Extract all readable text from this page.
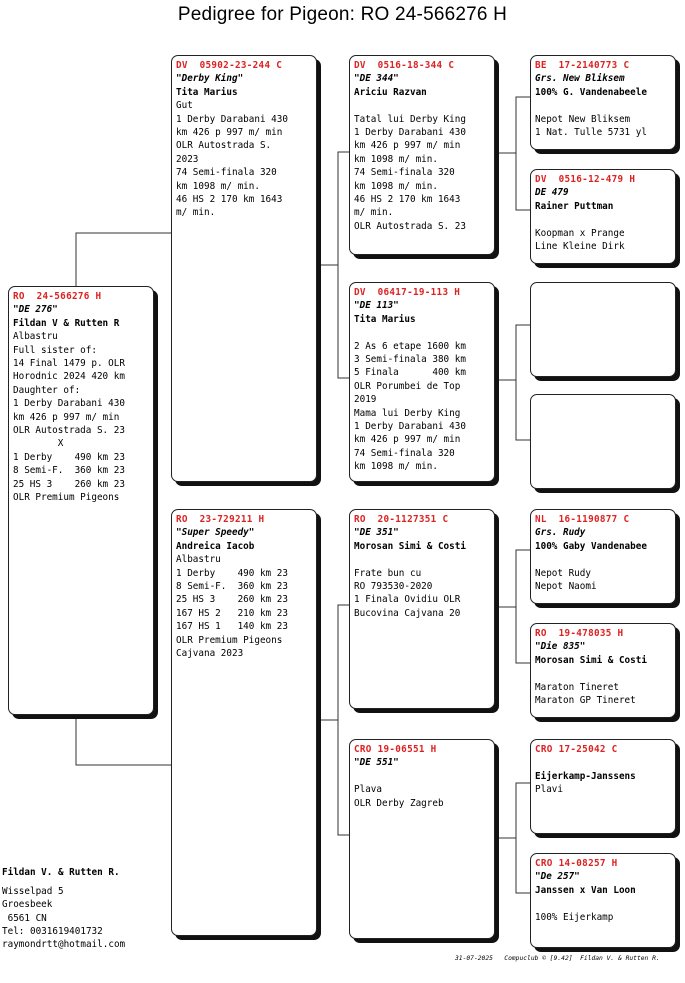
Pedigree for Pigeon: RO 24-566276 H
RO  24-566276 H
"DE 276"
Fildan V & Rutten R
Albastru
Full sister of:
14 Final 1479 p. OLR
Horodnic 2024 420 km
Daughter of:
1 Derby Darabani 430
km 426 p 997 m/ min
OLR Autostrada S. 23
X
1 Derby    490 km 23
8 Semi-F.  360 km 23
25 HS 3    260 km 23
OLR Premium Pigeons
DV  05902-23-244 C
"Derby King"
Tita Marius
Gut
1 Derby Darabani 430
km 426 p 997 m/ min
OLR Autostrada S.
2023
74 Semi-finala 320
km 1098 m/ min.
46 HS 2 170 km 1643
m/ min.
RO  23-729211 H
"Super Speedy"
Andreica Iacob
Albastru
1 Derby    490 km 23
8 Semi-F.  360 km 23
25 HS 3    260 km 23
167 HS 2   210 km 23
167 HS 1   140 km 23
OLR Premium Pigeons
Cajvana 2023
DV  0516-18-344 C
"DE 344"
Ariciu Razvan
Tatal lui Derby King
1 Derby Darabani 430
km 426 p 997 m/ min
km 1098 m/ min.
74 Semi-finala 320
km 1098 m/ min.
46 HS 2 170 km 1643
m/ min.
OLR Autostrada S. 23
DV  06417-19-113 H
"DE 113"
Tita Marius
2 As 6 etape 1600 km
3 Semi-finala 380 km
5 Finala      400 km
OLR Porumbei de Top
2019
Mama lui Derby King
1 Derby Darabani 430
km 426 p 997 m/ min
74 Semi-finala 320
km 1098 m/ min.
RO  20-1127351 C
"DE 351"
Morosan Simi & Costi
Frate bun cu
RO 793530-2020
1 Finala Ovidiu OLR
Bucovina Cajvana 20
CRO 19-06551 H
"DE 551"
Plava
OLR Derby Zagreb
BE  17-2140773 C
Grs. New Bliksem
100% G. Vandenabeele
Nepot New Bliksem
1 Nat. Tulle 5731 yl
DV  0516-12-479 H
DE 479
Rainer Puttman
Koopman x Prange
Line Kleine Dirk
NL  16-1190877 C
Grs. Rudy
100% Gaby Vandenabee
Nepot Rudy
Nepot Naomi
RO  19-478035 H
"Die 835"
Morosan Simi & Costi
Maraton Tineret
Maraton GP Tineret
CRO 17-25042 C
Eijerkamp-Janssens
Plavi
CRO 14-08257 H
"De 257"
Janssen x Van Loon
100% Eijerkamp
Fildan V. & Rutten R.
Wisselpad 5
Groesbeek
6561 CN
Tel: 0031619401732
raymondrtt@hotmail.com
31-07-2025   Compuclub © [9.42]  Fildan V. & Rutten R.
